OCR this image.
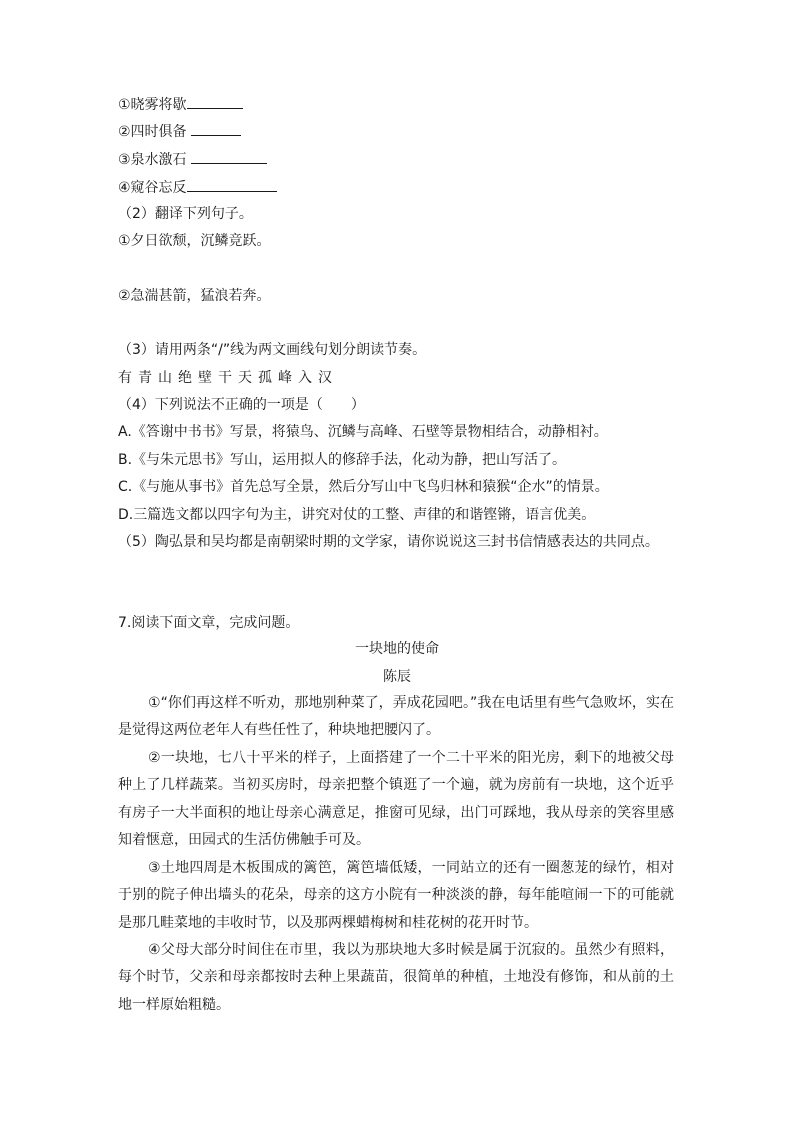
①晓雾将歇
②四时俱备
③泉水激石
④窥谷忘反
（2）翻译下列句子。
①夕日欲颓，沉鳞竞跃。
②急湍甚箭，猛浪若奔。
（3）请用两条“/”线为两文画线句划分朗读节奏。
有青山绝壁干天孤峰入汉
（4）下列说法不正确的一项是（　　）
A.《答谢中书书》写景，将猿鸟、沉鳞与高峰、石壁等景物相结合，动静相衬。
B.《与朱元思书》写山，运用拟人的修辞手法，化动为静，把山写活了。
C.《与施从事书》首先总写全景，然后分写山中飞鸟归林和猿猴“企水”的情景。
D.三篇选文都以四字句为主，讲究对仗的工整、声律的和谐铿锵，语言优美。
（5）陶弘景和吴均都是南朝梁时期的文学家，请你说说这三封书信情感表达的共同点。
7.阅读下面文章，完成问题。
一块地的使命
陈辰
①“你们再这样不听劝，那地别种菜了，弄成花园吧。”我在电话里有些气急败坏，实在是觉得这两位老年人有些任性了，种块地把腰闪了。
②一块地，七八十平米的样子，上面搭建了一个二十平米的阳光房，剩下的地被父母种上了几样蔬菜。当初买房时，母亲把整个镇逛了一个遍，就为房前有一块地，这个近乎有房子一大半面积的地让母亲心满意足，推窗可见绿，出门可踩地，我从母亲的笑容里感知着惬意，田园式的生活仿佛触手可及。
③土地四周是木板围成的篱笆，篱笆墙低矮，一同站立的还有一圈葱茏的绿竹，相对于别的院子伸出墙头的花朵，母亲的这方小院有一种淡淡的静，每年能喧闹一下的可能就是那几畦菜地的丰收时节，以及那两棵蜡梅树和桂花树的花开时节。
④父母大部分时间住在市里，我以为那块地大多时候是属于沉寂的。虽然少有照料，每个时节，父亲和母亲都按时去种上果蔬苗，很简单的种植，土地没有修饰，和从前的土地一样原始粗糙。
